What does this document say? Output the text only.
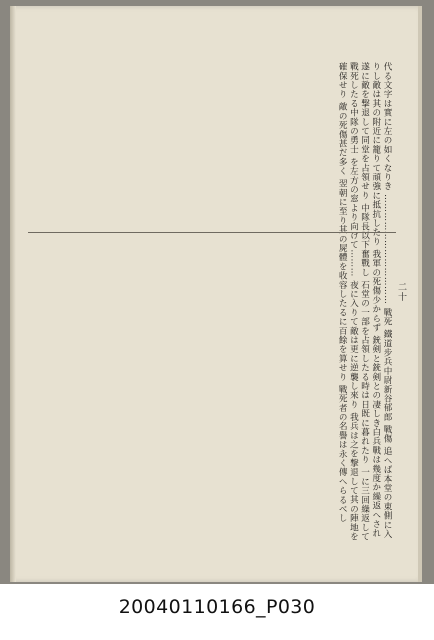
代る文字は實に左の如くなりき ……………………………… 戰死 鐵道步兵中尉新谷郁郎 戰傷 追へば本堂の東側に入りし敵は其の附近に籠りて頑強に抵抗したり 我軍の死傷少からず 銃剣と銃剣との凄しき白兵戰は幾度か繰返へされ 遂に敵を撃退して同堂を占領せり 中隊長以下奮戰し 石堂の一部を占領したる時は日既に暮れたり 一に三回繰返して戰死したる中隊の勇士 を左方の窓より向けて……… 夜に入りて敵は更に逆襲し來り 我兵は之を撃退して其の陣地を確保せり 敵の死傷甚だ多く 翌朝に至り其の屍體を收容したるに百餘を算せり 戰死者の名譽は永く傳へらるべし	二十
20040110166_P030
